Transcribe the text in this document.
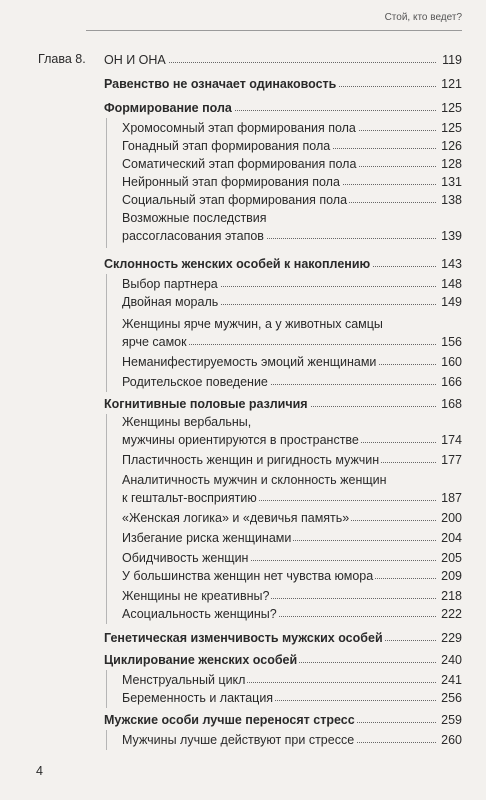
Стой, кто ведет?
Глава 8. ОН И ОНА	119
Равенство не означает одинаковость	121
Формирование пола	125
Хромосомный этап формирования пола	125
Гонадный этап формирования пола	126
Соматический этап формирования пола	128
Нейронный этап формирования пола	131
Социальный этап формирования пола	138
Возможные последствия
рассогласования этапов	139
Склонность женских особей к накоплению	143
Выбор партнера	148
Двойная мораль	149
Женщины ярче мужчин, а у животных самцы
ярче самок	156
Неманифестируемость эмоций женщинами	160
Родительское поведение	166
Когнитивные половые различия	168
Женщины вербальны,
мужчины ориентируются в пространстве	174
Пластичность женщин и ригидность мужчин	177
Аналитичность мужчин и склонность женщин
к гештальт-восприятию	187
«Женская логика» и «девичья память»	200
Избегание риска женщинами	204
Обидчивость женщин	205
У большинства женщин нет чувства юмора	209
Женщины не креативны?	218
Асоциальность женщины?	222
Генетическая изменчивость мужских особей	229
Циклирование женских особей	240
Менструальный цикл	241
Беременность и лактация	256
Мужские особи лучше переносят стресс	259
Мужчины лучше действуют при стрессе	260
4
